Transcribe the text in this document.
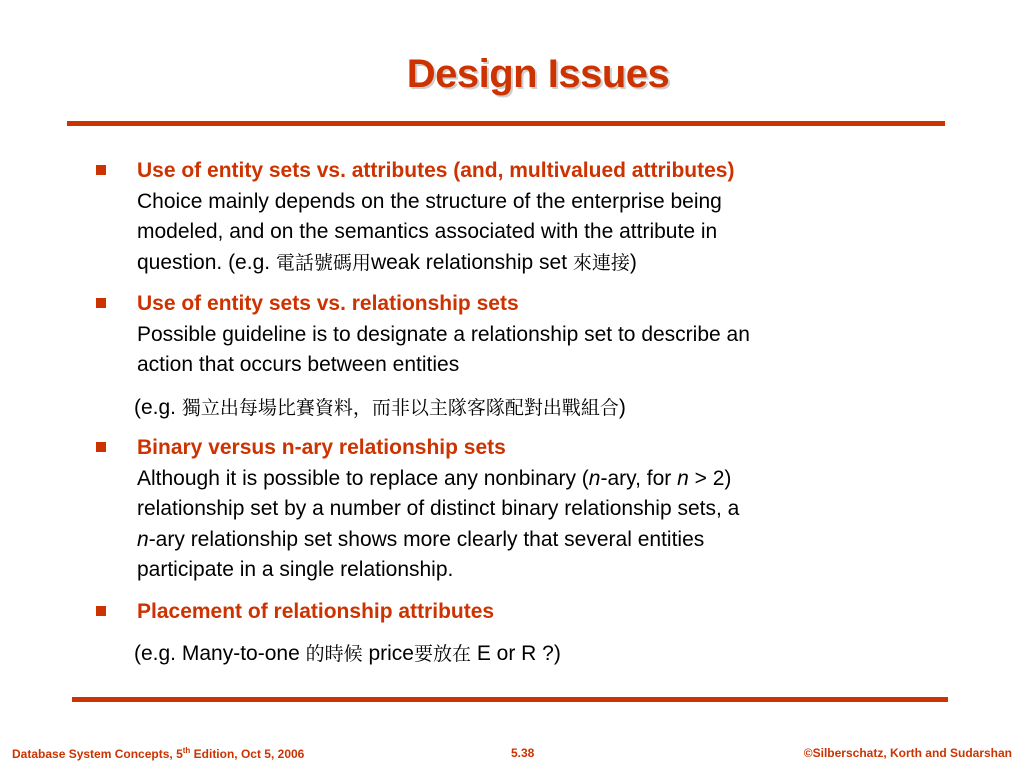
Design Issues
Use of entity sets vs. attributes (and, multivalued attributes)
Choice mainly depends on the structure of the enterprise being
modeled, and on the semantics associated with the attribute in
question. (e.g. 電話號碼用weak relationship set 來連接)
Use of entity sets vs. relationship sets
Possible guideline is to designate a relationship set to describe an
action that occurs between entities
(e.g. 獨立出每場比賽資料，而非以主隊客隊配對出戰組合)
Binary versus n-ary relationship sets
Although it is possible to replace any nonbinary (n-ary, for n > 2)
relationship set by a number of distinct binary relationship sets, a
n-ary relationship set shows more clearly that several entities
participate in a single relationship.
Placement of relationship attributes
(e.g. Many-to-one 的時候 price要放在 E or R ?)
Database System Concepts, 5th Edition, Oct 5, 2006	5.38	©Silberschatz, Korth and Sudarshan
